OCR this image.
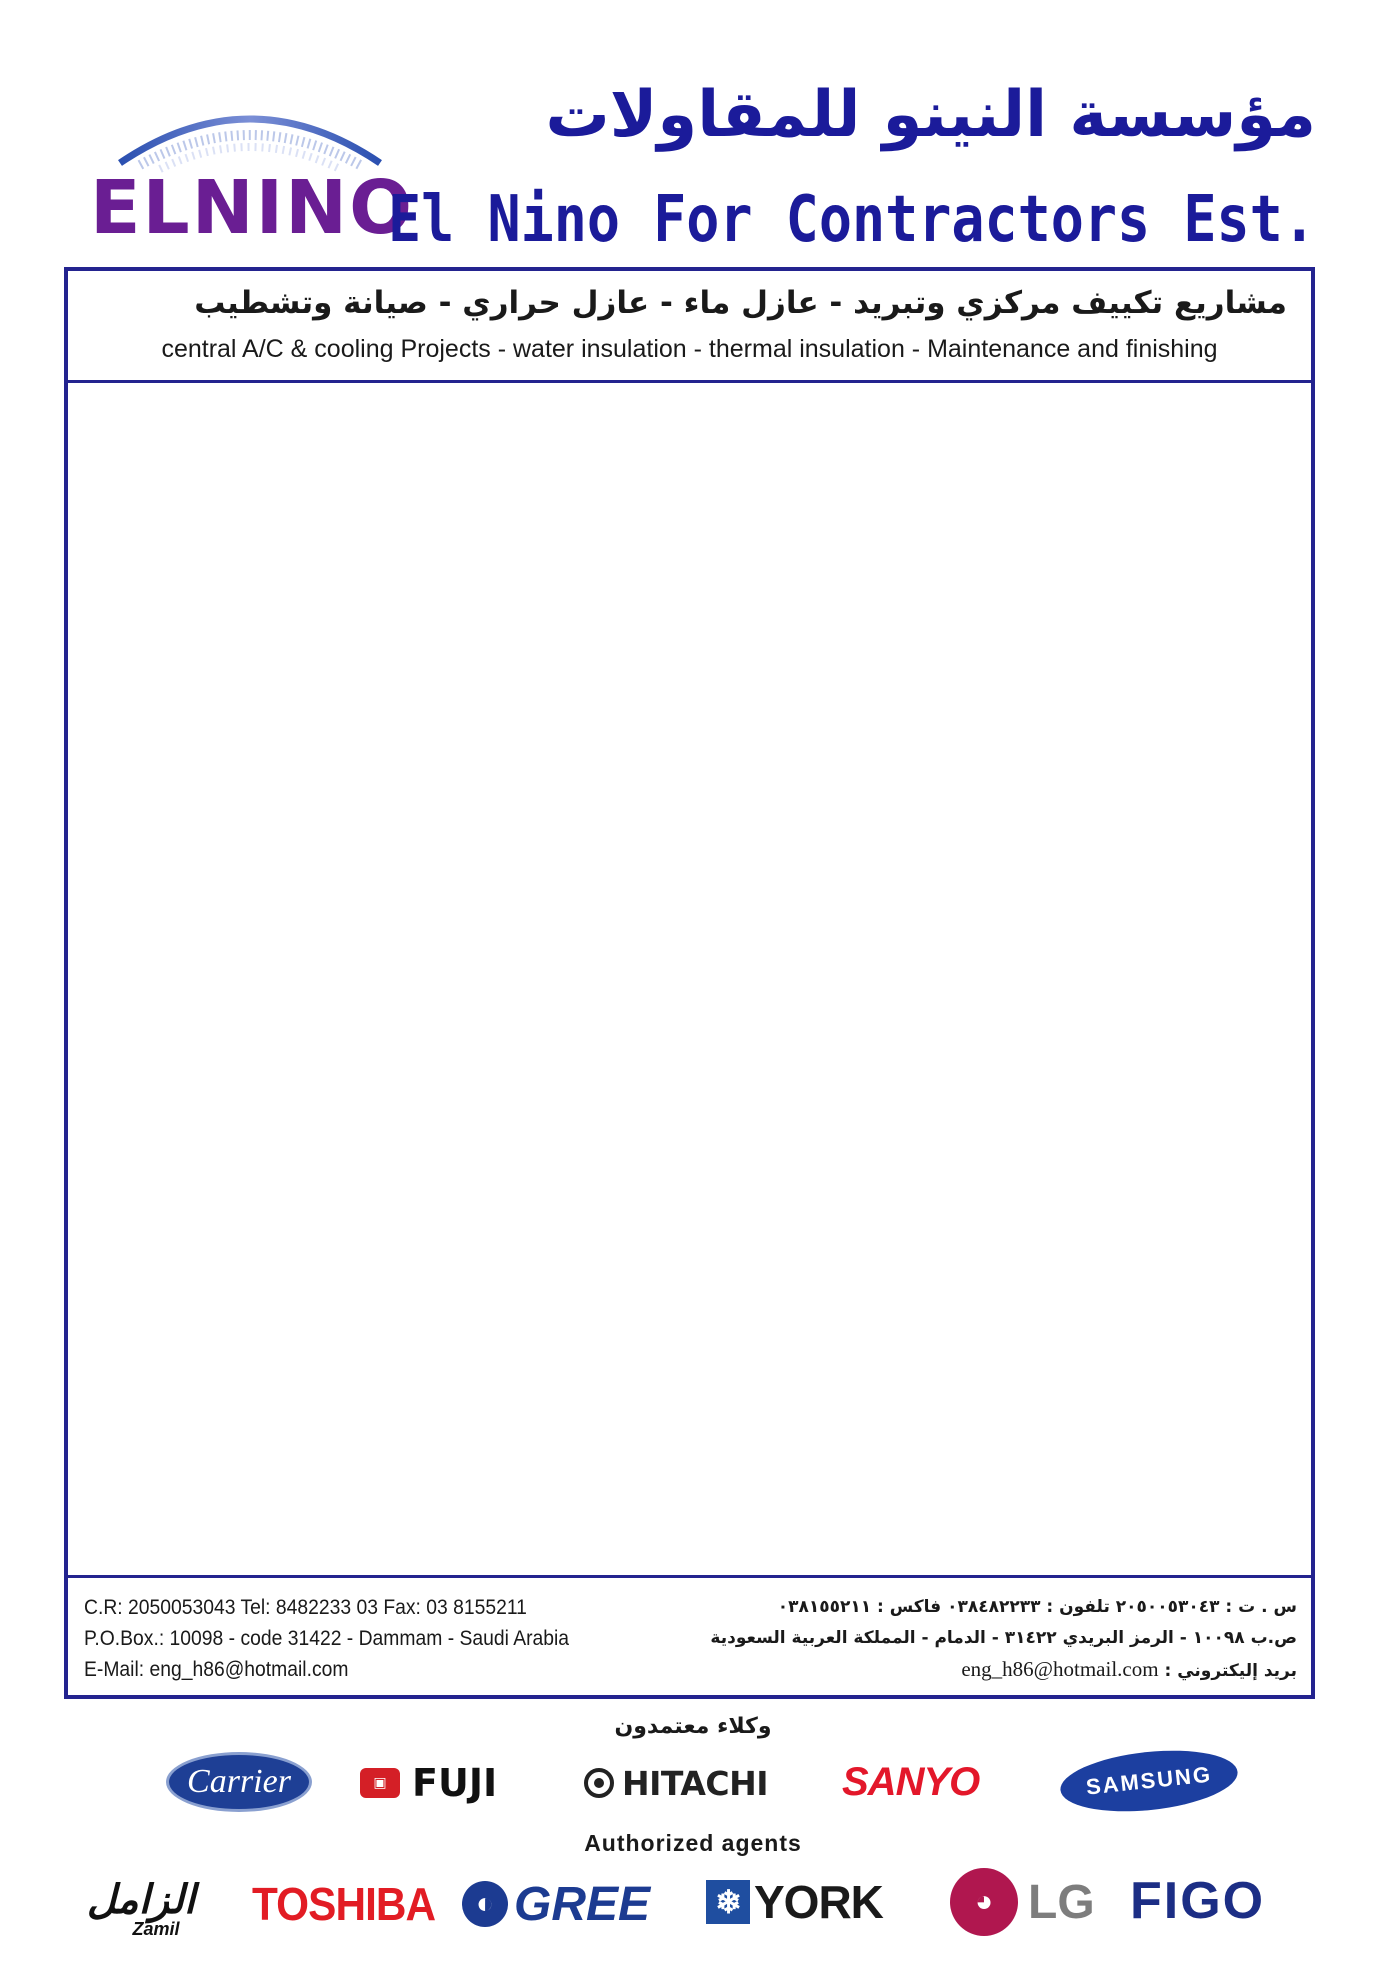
ELNINO
مؤسسة النينو للمقاولات
El Nino For Contractors Est.
مشاريع تكييف مركزي وتبريد - عازل ماء - عازل حراري - صيانة وتشطيب
central A/C & cooling Projects - water insulation - thermal insulation - Maintenance and finishing
C.R: 2050053043 Tel: 8482233 03 Fax: 03 8155211
P.O.Box.: 10098 - code 31422 - Dammam - Saudi Arabia
E-Mail: eng_h86@hotmail.com
س . ت : ٢٠٥٠٠٥٣٠٤٣ تلفون : ٠٣٨٤٨٢٢٣٣ فاكس : ٠٣٨١٥٥٢١١
ص.ب ١٠٠٩٨ - الرمز البريدي ٣١٤٢٢ - الدمام - المملكة العربية السعودية
بريد إليكتروني : eng_h86@hotmail.com
وكلاء معتمدون
Carrier	▣ FUJI	HITACHI SANYO	SAMSUNG
Authorized agents
الزامل
Zamil TOSHIBA	◐ GREE ❄ YORK	◕ LG FIGO
